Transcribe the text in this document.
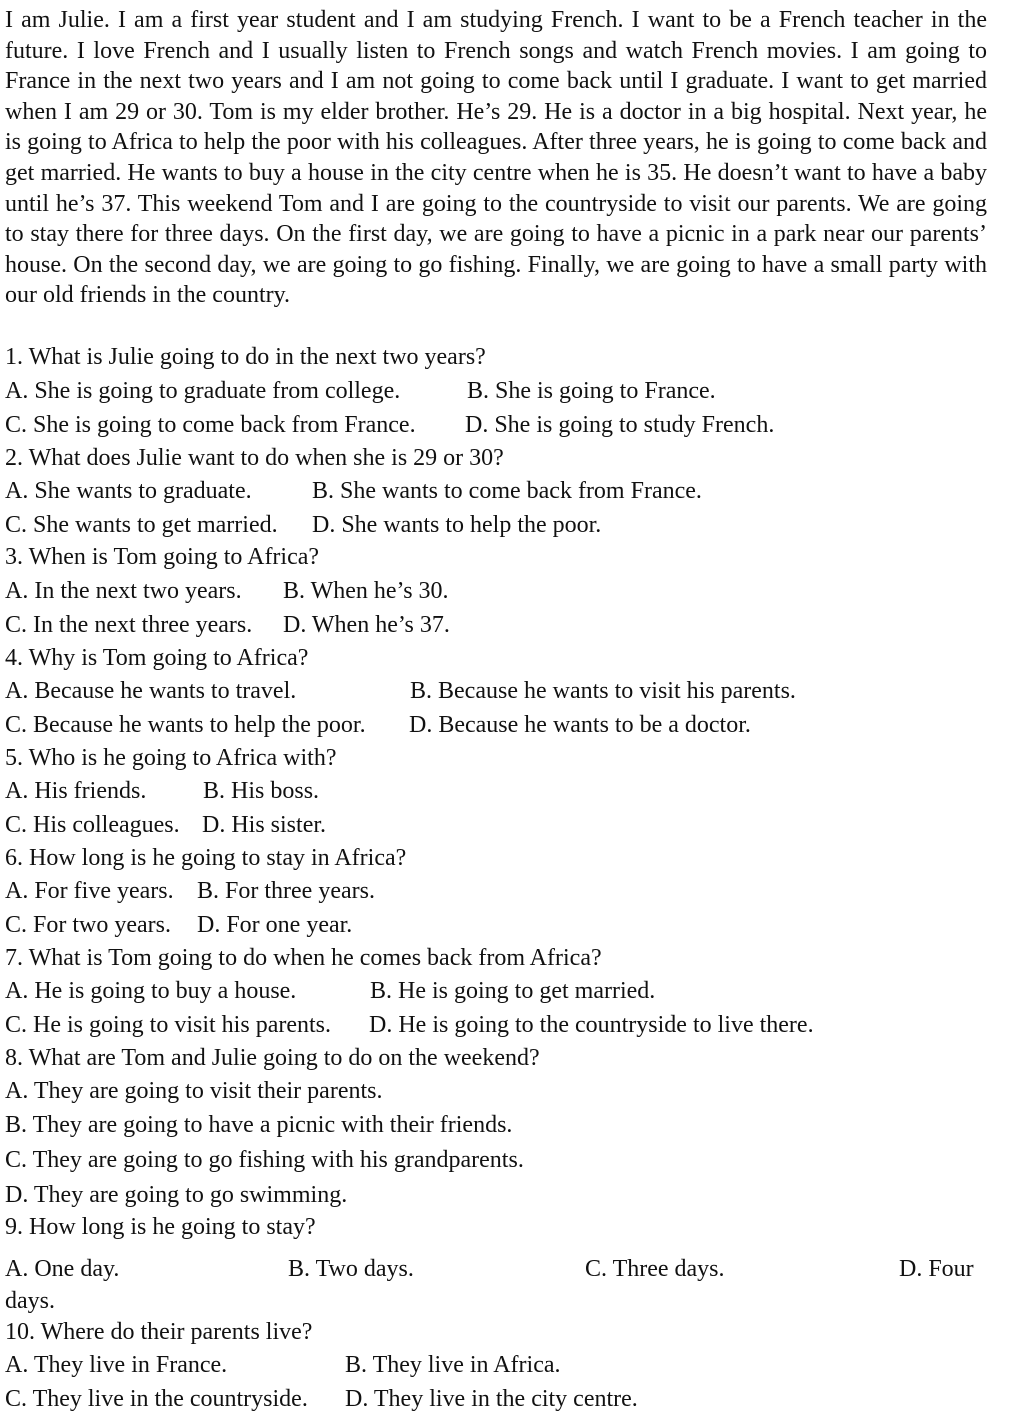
I am Julie. I am a first year student and I am studying French. I want to be a French teacher in the future. I love French and I usually listen to French songs and watch French movies. I am going to France in the next two years and I am not going to come back until I graduate. I want to get married when I am 29 or 30. Tom is my elder brother. He’s 29. He is a doctor in a big hospital. Next year, he is going to Africa to help the poor with his colleagues. After three years, he is going to come back and get married. He wants to buy a house in the city centre when he is 35. He doesn’t want to have a baby until he’s 37. This weekend Tom and I are going to the countryside to visit our parents. We are going to stay there for three days. On the first day, we are going to have a picnic in a park near our parents’ house. On the second day, we are going to go fishing. Finally, we are going to have a small party with our old friends in the country.

1. What is Julie going to do in the next two years?
A. She is going to graduate from college.	B. She is going to France.
C. She is going to come back from France. D. She is going to study French.
2. What does Julie want to do when she is 29 or 30?
A. She wants to graduate.	B. She wants to come back from France.
C. She wants to get married. D. She wants to help the poor.
3. When is Tom going to Africa?
A. In the next two years. B. When he’s 30.
C. In the next three years. D. When he’s 37.
4. Why is Tom going to Africa?
A. Because he wants to travel.	B. Because he wants to visit his parents.
C. Because he wants to help the poor. D. Because he wants to be a doctor.
5. Who is he going to Africa with?
A. His friends. B. His boss.
C. His colleagues. D. His sister.
6. How long is he going to stay in Africa?
A. For five years. B. For three years.
C. For two years. D. For one year.
7. What is Tom going to do when he comes back from Africa?
A. He is going to buy a house.	B. He is going to get married.
C. He is going to visit his parents. D. He is going to the countryside to live there.
8. What are Tom and Julie going to do on the weekend?
A. They are going to visit their parents.
B. They are going to have a picnic with their friends.
C. They are going to go fishing with his grandparents.
D. They are going to go swimming.
9. How long is he going to stay?
A. One day.	B. Two days.	C. Three days.	D. Four
days.
10. Where do their parents live?
A. They live in France.	B. They live in Africa.
C. They live in the countryside. D. They live in the city centre.
